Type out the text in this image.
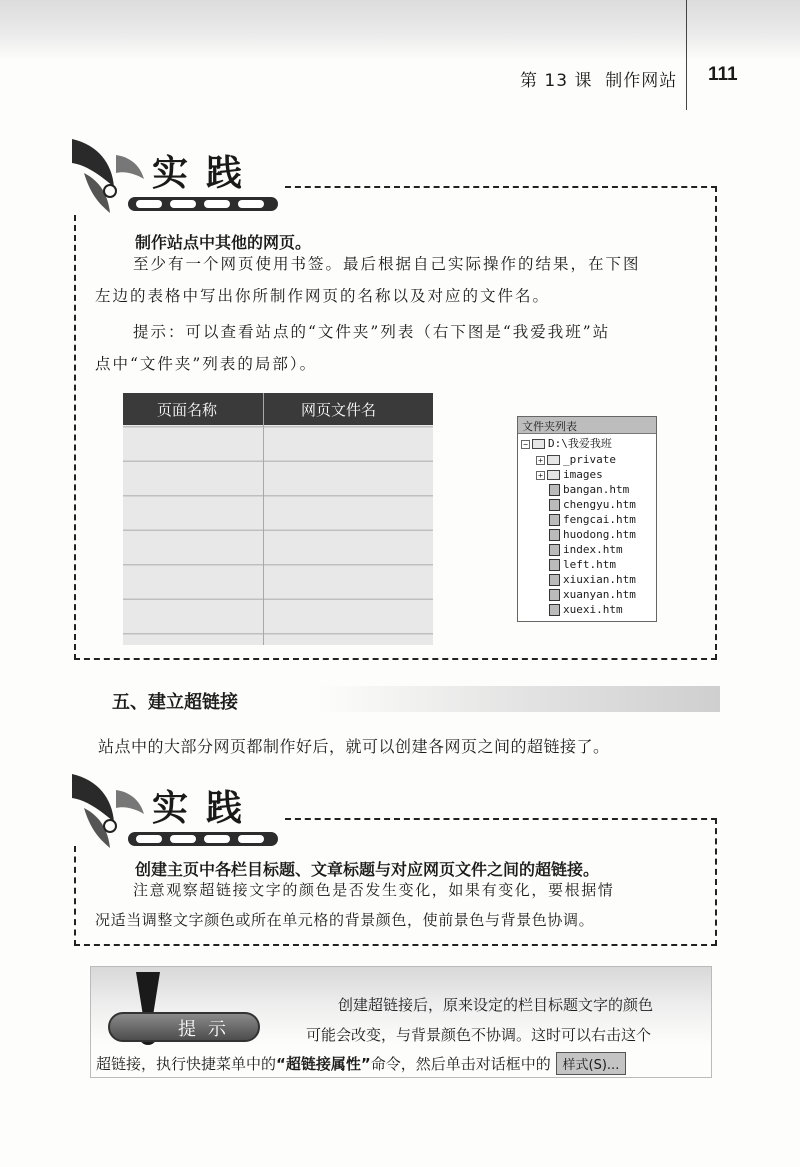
第 13 课 制作网站 111
实践
制作站点中其他的网页。
至少有一个网页使用书签。最后根据自己实际操作的结果，在下图
左边的表格中写出你所制作网页的名称以及对应的文件名。
提示：可以查看站点的“文件夹”列表（右下图是“我爱我班”站
点中“文件夹”列表的局部）。
页面名称	网页文件名
文件夹列表
− D:\我爱我班
+ _private
+ images
bangan.htm
chengyu.htm
fengcai.htm
huodong.htm
index.htm
left.htm
xiuxian.htm
xuanyan.htm
xuexi.htm
五、建立超链接
站点中的大部分网页都制作好后，就可以创建各网页之间的超链接了。
实践
创建主页中各栏目标题、文章标题与对应网页文件之间的超链接。
注意观察超链接文字的颜色是否发生变化，如果有变化，要根据情
况适当调整文字颜色或所在单元格的背景颜色，使前景色与背景色协调。
提示
创建超链接后，原来设定的栏目标题文字的颜色
可能会改变，与背景颜色不协调。这时可以右击这个
超链接，执行快捷菜单中的“超链接属性”命令，然后单击对话框中的 样式(S)...
